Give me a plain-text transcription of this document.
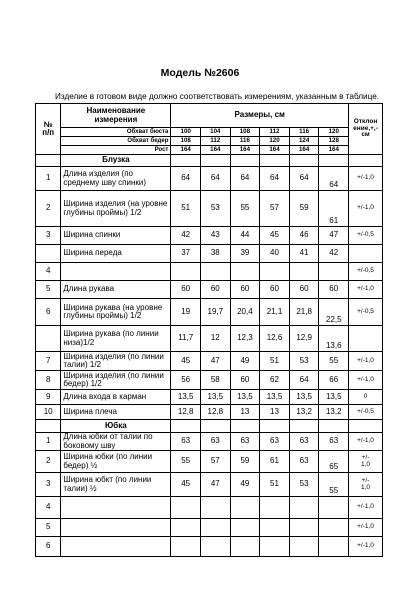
Модель №2606
Изделие в готовом виде должно соответствовать измерениям, указанным в таблице.
№
п/п	Наименование
измерения	Размеры, см						Отклон
ение,+,-
см

	Обхват бюста	100	104	108	112	116	120	
	Обхват бедер	108	112	116	120	124	128	
	Рост	164	164	164	164	164	164	
	Блузка							
1	Длина изделия (по среднему шву спинки)	64	64	64	64	64	64	+/-1,0
2	Ширина изделия (на уровне глубины проймы) 1/2	51	53	55	57	59	61	+/-1,0
3	Ширина спинки	42	43	44	45	46	47	+/-0,5
	Ширина переда	37	38	39	40	41	42	
4								+/-0,5
5	Длина рукава	60	60	60	60	60	60	+/-1,0
6	Ширина рукава (на уровне глубины проймы) 1/2	19	19,7	20,4	21,1	21,8	22,5	+/-0,5
	Ширина рукава (по линии низа)1/2	11,7	12	12,3	12,6	12,9	13,6	
7	Ширина изделия (по линии талии) 1/2	45	47	49	51	53	55	+/-1,0
8	Ширина изделия (по линии бедер) 1/2	56	58	60	62	64	66	+/-1,0
9	Длина входа в карман	13,5	13,5	13,5	13,5	13,5	13,5	0
10	Ширина плеча	12,8	12,8	13	13	13,2	13,2	+/-0,5
	Юбка							
1	Длина юбки от талии по боковому шву	63	63	63	63	63	63	+/-1,0
2	Ширина юбки (по линии бедер) ½	55	57	59	61	63	65	+/-
1,0
3	Ширина юбкт (по линии талии) ½	45	47	49	51	53	55	+/-
1,0
4								+/-1,0
5								+/-1,0
6								+/-1,0
